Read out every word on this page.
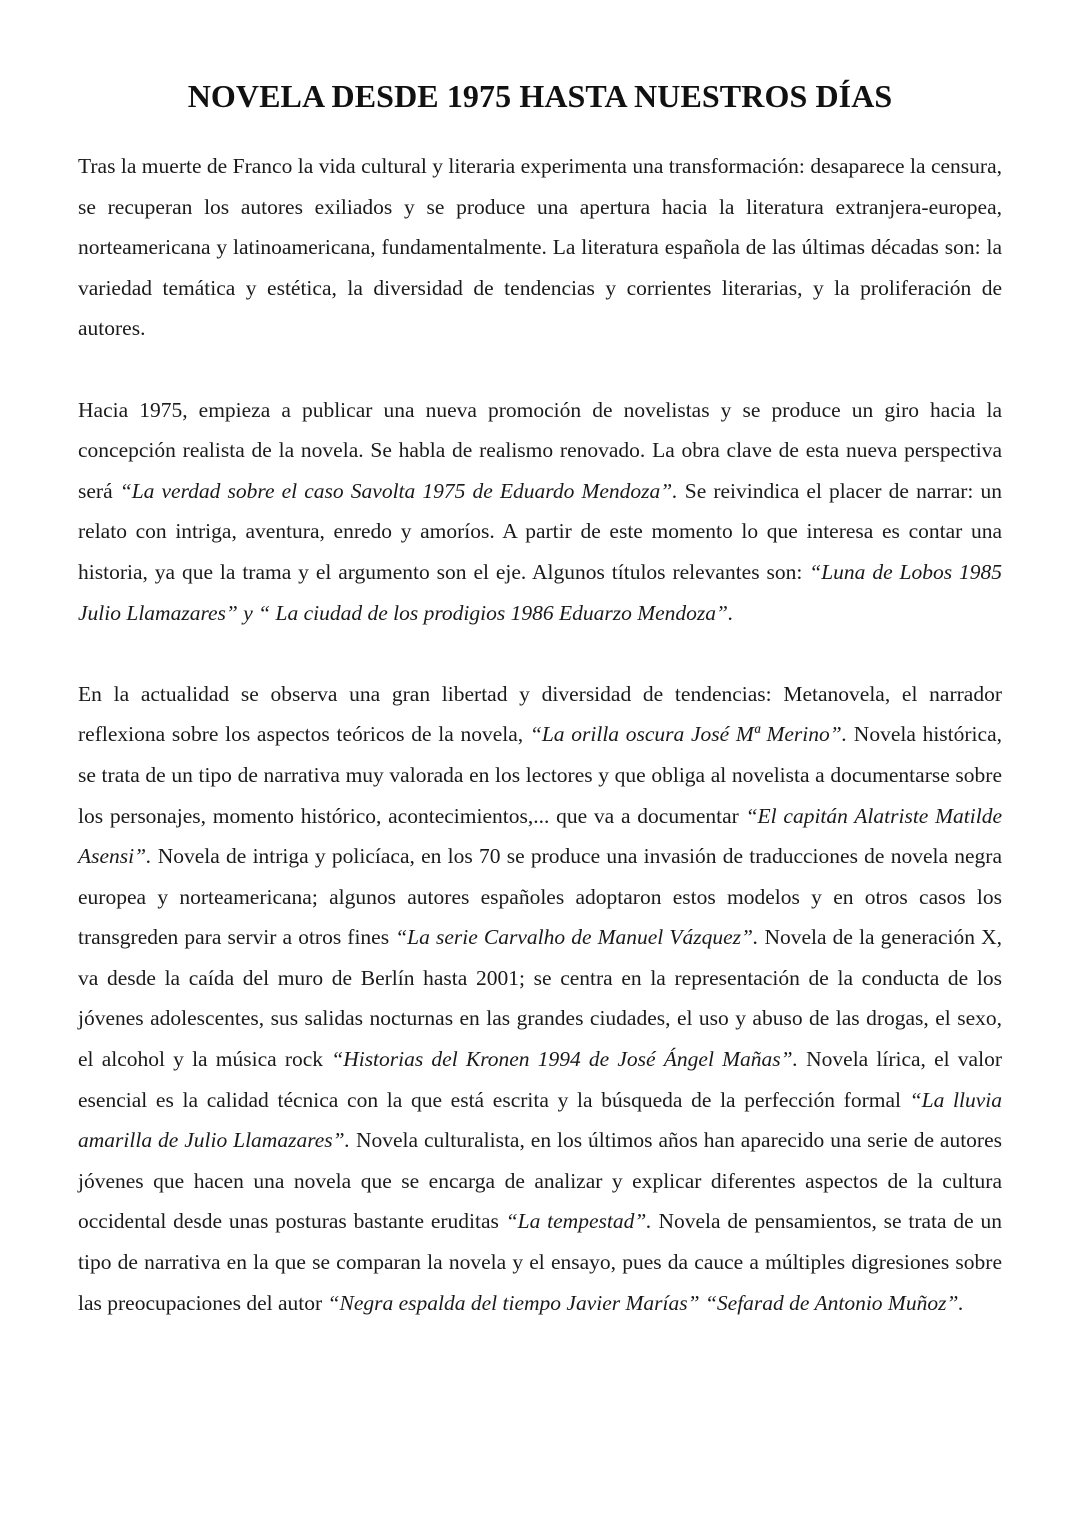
NOVELA DESDE 1975 HASTA NUESTROS DÍAS

Tras la muerte de Franco la vida cultural y literaria experimenta una transformación: desaparece la censura, se recuperan los autores exiliados y se produce una apertura hacia la literatura extranjera-europea, norteamericana y latinoamericana, fundamentalmente. La literatura española de las últimas décadas son: la variedad temática y estética, la diversidad de tendencias y corrientes literarias, y la proliferación de autores.

Hacia 1975, empieza a publicar una nueva promoción de novelistas y se produce un giro hacia la concepción realista de la novela. Se habla de realismo renovado. La obra clave de esta nueva perspectiva será “La verdad sobre el caso Savolta 1975 de Eduardo Mendoza”. Se reivindica el placer de narrar: un relato con intriga, aventura, enredo y amoríos. A partir de este momento lo que interesa es contar una historia, ya que la trama y el argumento son el eje. Algunos títulos relevantes son: “Luna de Lobos 1985 Julio Llamazares” y “ La ciudad de los prodigios 1986 Eduarzo Mendoza”.

En la actualidad se observa una gran libertad y diversidad de tendencias: Metanovela, el narrador reflexiona sobre los aspectos teóricos de la novela, “La orilla oscura José Mª Merino”. Novela histórica, se trata de un tipo de narrativa muy valorada en los lectores y que obliga al novelista a documentarse sobre los personajes, momento histórico, acontecimientos,... que va a documentar “El capitán Alatriste Matilde Asensi”. Novela de intriga y policíaca, en los 70 se produce una invasión de traducciones de novela negra europea y norteamericana; algunos autores españoles adoptaron estos modelos y en otros casos los transgreden para servir a otros fines “La serie Carvalho de Manuel Vázquez”. Novela de la generación X, va desde la caída del muro de Berlín hasta 2001; se centra en la representación de la conducta de los jóvenes adolescentes, sus salidas nocturnas en las grandes ciudades, el uso y abuso de las drogas, el sexo, el alcohol y la música rock “Historias del Kronen 1994 de José Ángel Mañas”. Novela lírica, el valor esencial es la calidad técnica con la que está escrita y la búsqueda de la perfección formal “La lluvia amarilla de Julio Llamazares”. Novela culturalista, en los últimos años han aparecido una serie de autores jóvenes que hacen una novela que se encarga de analizar y explicar diferentes aspectos de la cultura occidental desde unas posturas bastante eruditas “La tempestad”. Novela de pensamientos, se trata de un tipo de narrativa en la que se comparan la novela y el ensayo, pues da cauce a múltiples digresiones sobre las preocupaciones del autor “Negra espalda del tiempo Javier Marías” “Sefarad de Antonio Muñoz”.
